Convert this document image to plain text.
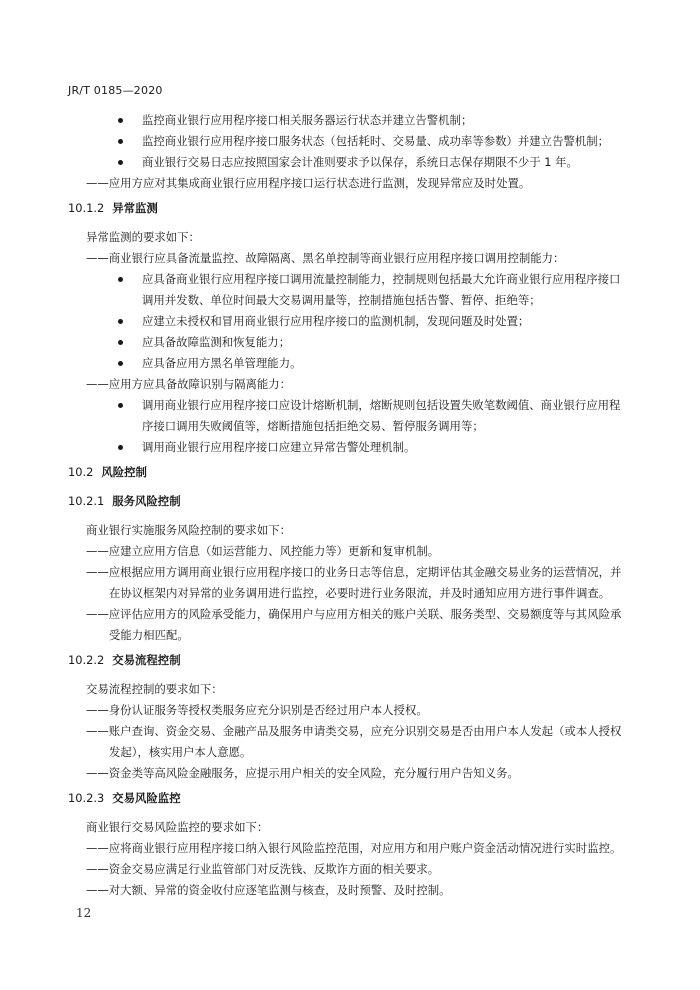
JR/T 0185—2020
监控商业银行应用程序接口相关服务器运行状态并建立告警机制；
监控商业银行应用程序接口服务状态（包括耗时、交易量、成功率等参数）并建立告警机制；
商业银行交易日志应按照国家会计准则要求予以保存，系统日志保存期限不少于 1 年。
——应用方应对其集成商业银行应用程序接口运行状态进行监测，发现异常应及时处置。
10.1.2 异常监测
异常监测的要求如下：
——商业银行应具备流量监控、故障隔离、黑名单控制等商业银行应用程序接口调用控制能力：
应具备商业银行应用程序接口调用流量控制能力，控制规则包括最大允许商业银行应用程序接口调用并发数、单位时间最大交易调用量等，控制措施包括告警、暂停、拒绝等；
应建立未授权和冒用商业银行应用程序接口的监测机制，发现问题及时处置；
应具备故障监测和恢复能力；
应具备应用方黑名单管理能力。
——应用方应具备故障识别与隔离能力：
调用商业银行应用程序接口应设计熔断机制，熔断规则包括设置失败笔数阈值、商业银行应用程序接口调用失败阈值等，熔断措施包括拒绝交易、暂停服务调用等；
调用商业银行应用程序接口应建立异常告警处理机制。
10.2 风险控制
10.2.1 服务风险控制
商业银行实施服务风险控制的要求如下：
——应建立应用方信息（如运营能力、风控能力等）更新和复审机制。
——应根据应用方调用商业银行应用程序接口的业务日志等信息，定期评估其金融交易业务的运营情况，并在协议框架内对异常的业务调用进行监控，必要时进行业务限流，并及时通知应用方进行事件调查。
——应评估应用方的风险承受能力，确保用户与应用方相关的账户关联、服务类型、交易额度等与其风险承受能力相匹配。
10.2.2 交易流程控制
交易流程控制的要求如下：
——身份认证服务等授权类服务应充分识别是否经过用户本人授权。
——账户查询、资金交易、金融产品及服务申请类交易，应充分识别交易是否由用户本人发起（或本人授权发起），核实用户本人意愿。
——资金类等高风险金融服务，应提示用户相关的安全风险，充分履行用户告知义务。
10.2.3 交易风险监控
商业银行交易风险监控的要求如下：
——应将商业银行应用程序接口纳入银行风险监控范围，对应用方和用户账户资金活动情况进行实时监控。
——资金交易应满足行业监管部门对反洗钱、反欺诈方面的相关要求。
——对大额、异常的资金收付应逐笔监测与核查，及时预警、及时控制。
12
